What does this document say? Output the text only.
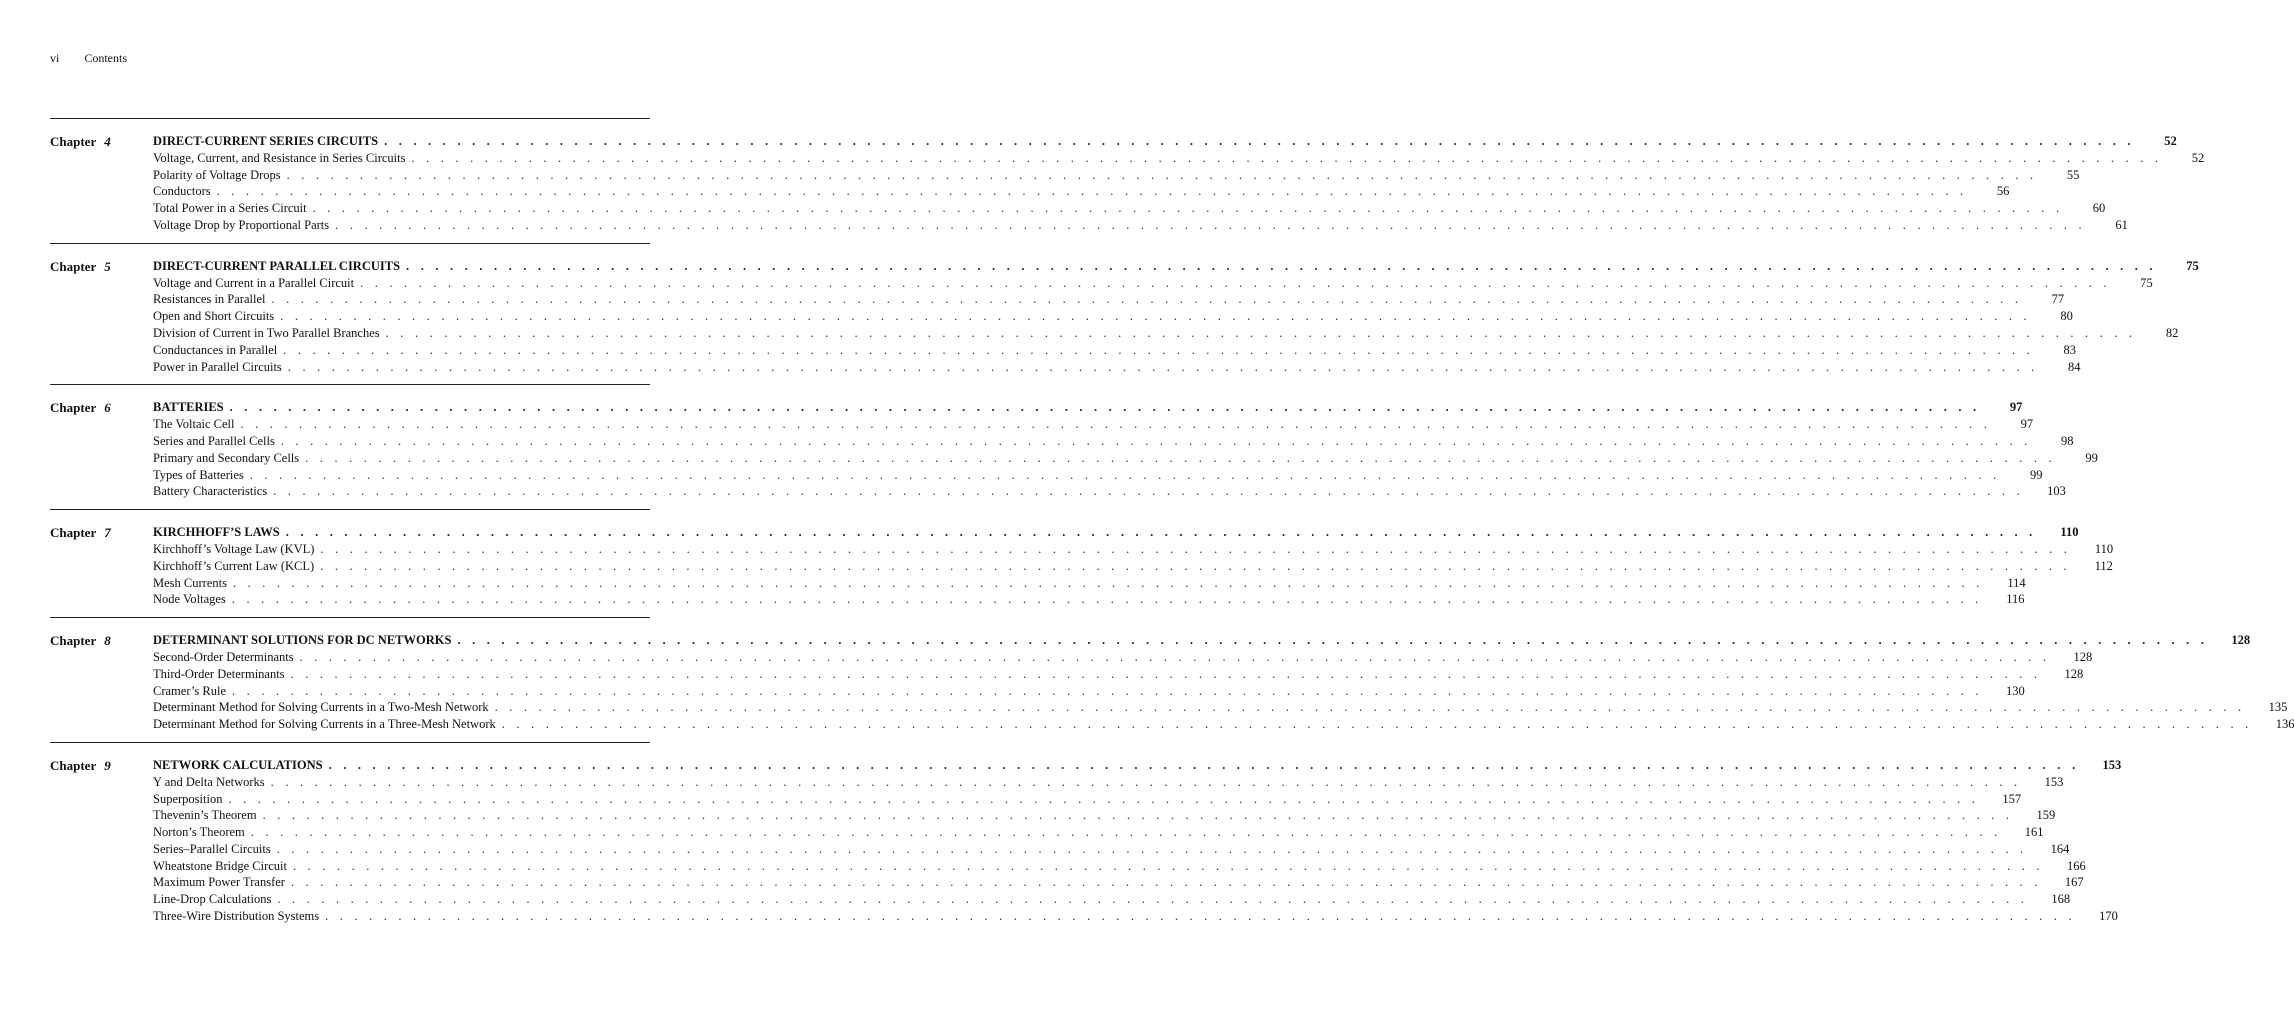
vi Contents
Chapter 4	DIRECT-CURRENT SERIES CIRCUITS . . . . . . . . . . . . . . . . . . . . . . . . . . . . . . . . . . . . . . . . . . . . . . . . . . . . . . . . . . . . . . . . . . . . . . . . . . . . . . . . . . . . . . . . . . . . . . . . . . . . . . . . . . . . . . . . . . . . . . . .	52
Voltage, Current, and Resistance in Series Circuits . . . . . . . . . . . . . . . . . . . . . . . . . . . . . . . . . . . . . . . . . . . . . . . . . . . . . . . . . . . . . . . . . . . . . . . . . . . . . . . . . . . . . . . . . . . . . . . . . . . . . . . . . . . . . . . . . . . . . . . .	52
Polarity of Voltage Drops . . . . . . . . . . . . . . . . . . . . . . . . . . . . . . . . . . . . . . . . . . . . . . . . . . . . . . . . . . . . . . . . . . . . . . . . . . . . . . . . . . . . . . . . . . . . . . . . . . . . . . . . . . . . . . . . . . . . . . . .	55
Conductors . . . . . . . . . . . . . . . . . . . . . . . . . . . . . . . . . . . . . . . . . . . . . . . . . . . . . . . . . . . . . . . . . . . . . . . . . . . . . . . . . . . . . . . . . . . . . . . . . . . . . . . . . . . . . . . . . . . . . . . .	56
Total Power in a Series Circuit . . . . . . . . . . . . . . . . . . . . . . . . . . . . . . . . . . . . . . . . . . . . . . . . . . . . . . . . . . . . . . . . . . . . . . . . . . . . . . . . . . . . . . . . . . . . . . . . . . . . . . . . . . . . . . . . . . . . . . . .	60
Voltage Drop by Proportional Parts . . . . . . . . . . . . . . . . . . . . . . . . . . . . . . . . . . . . . . . . . . . . . . . . . . . . . . . . . . . . . . . . . . . . . . . . . . . . . . . . . . . . . . . . . . . . . . . . . . . . . . . . . . . . . . . . . . . . . . . .	61
Chapter 5	DIRECT-CURRENT PARALLEL CIRCUITS . . . . . . . . . . . . . . . . . . . . . . . . . . . . . . . . . . . . . . . . . . . . . . . . . . . . . . . . . . . . . . . . . . . . . . . . . . . . . . . . . . . . . . . . . . . . . . . . . . . . . . . . . . . . . . . . . . . . . . . .	75
Voltage and Current in a Parallel Circuit . . . . . . . . . . . . . . . . . . . . . . . . . . . . . . . . . . . . . . . . . . . . . . . . . . . . . . . . . . . . . . . . . . . . . . . . . . . . . . . . . . . . . . . . . . . . . . . . . . . . . . . . . . . . . . . . . . . . . . . .	75
Resistances in Parallel . . . . . . . . . . . . . . . . . . . . . . . . . . . . . . . . . . . . . . . . . . . . . . . . . . . . . . . . . . . . . . . . . . . . . . . . . . . . . . . . . . . . . . . . . . . . . . . . . . . . . . . . . . . . . . . . . . . . . . . .	77
Open and Short Circuits . . . . . . . . . . . . . . . . . . . . . . . . . . . . . . . . . . . . . . . . . . . . . . . . . . . . . . . . . . . . . . . . . . . . . . . . . . . . . . . . . . . . . . . . . . . . . . . . . . . . . . . . . . . . . . . . . . . . . . . .	80
Division of Current in Two Parallel Branches . . . . . . . . . . . . . . . . . . . . . . . . . . . . . . . . . . . . . . . . . . . . . . . . . . . . . . . . . . . . . . . . . . . . . . . . . . . . . . . . . . . . . . . . . . . . . . . . . . . . . . . . . . . . . . . . . . . . . . . .	82
Conductances in Parallel . . . . . . . . . . . . . . . . . . . . . . . . . . . . . . . . . . . . . . . . . . . . . . . . . . . . . . . . . . . . . . . . . . . . . . . . . . . . . . . . . . . . . . . . . . . . . . . . . . . . . . . . . . . . . . . . . . . . . . . .	83
Power in Parallel Circuits . . . . . . . . . . . . . . . . . . . . . . . . . . . . . . . . . . . . . . . . . . . . . . . . . . . . . . . . . . . . . . . . . . . . . . . . . . . . . . . . . . . . . . . . . . . . . . . . . . . . . . . . . . . . . . . . . . . . . . . .	84
Chapter 6	BATTERIES . . . . . . . . . . . . . . . . . . . . . . . . . . . . . . . . . . . . . . . . . . . . . . . . . . . . . . . . . . . . . . . . . . . . . . . . . . . . . . . . . . . . . . . . . . . . . . . . . . . . . . . . . . . . . . . . . . . . . . . .	97
The Voltaic Cell . . . . . . . . . . . . . . . . . . . . . . . . . . . . . . . . . . . . . . . . . . . . . . . . . . . . . . . . . . . . . . . . . . . . . . . . . . . . . . . . . . . . . . . . . . . . . . . . . . . . . . . . . . . . . . . . . . . . . . . .	97
Series and Parallel Cells . . . . . . . . . . . . . . . . . . . . . . . . . . . . . . . . . . . . . . . . . . . . . . . . . . . . . . . . . . . . . . . . . . . . . . . . . . . . . . . . . . . . . . . . . . . . . . . . . . . . . . . . . . . . . . . . . . . . . . . .	98
Primary and Secondary Cells . . . . . . . . . . . . . . . . . . . . . . . . . . . . . . . . . . . . . . . . . . . . . . . . . . . . . . . . . . . . . . . . . . . . . . . . . . . . . . . . . . . . . . . . . . . . . . . . . . . . . . . . . . . . . . . . . . . . . . . .	99
Types of Batteries . . . . . . . . . . . . . . . . . . . . . . . . . . . . . . . . . . . . . . . . . . . . . . . . . . . . . . . . . . . . . . . . . . . . . . . . . . . . . . . . . . . . . . . . . . . . . . . . . . . . . . . . . . . . . . . . . . . . . . . .	99
Battery Characteristics . . . . . . . . . . . . . . . . . . . . . . . . . . . . . . . . . . . . . . . . . . . . . . . . . . . . . . . . . . . . . . . . . . . . . . . . . . . . . . . . . . . . . . . . . . . . . . . . . . . . . . . . . . . . . . . . . . . . . . . .	103
Chapter 7	KIRCHHOFF’S LAWS . . . . . . . . . . . . . . . . . . . . . . . . . . . . . . . . . . . . . . . . . . . . . . . . . . . . . . . . . . . . . . . . . . . . . . . . . . . . . . . . . . . . . . . . . . . . . . . . . . . . . . . . . . . . . . . . . . . . . . . .	110
Kirchhoff’s Voltage Law (KVL) . . . . . . . . . . . . . . . . . . . . . . . . . . . . . . . . . . . . . . . . . . . . . . . . . . . . . . . . . . . . . . . . . . . . . . . . . . . . . . . . . . . . . . . . . . . . . . . . . . . . . . . . . . . . . . . . . . . . . . . .	110
Kirchhoff’s Current Law (KCL) . . . . . . . . . . . . . . . . . . . . . . . . . . . . . . . . . . . . . . . . . . . . . . . . . . . . . . . . . . . . . . . . . . . . . . . . . . . . . . . . . . . . . . . . . . . . . . . . . . . . . . . . . . . . . . . . . . . . . . . .	112
Mesh Currents . . . . . . . . . . . . . . . . . . . . . . . . . . . . . . . . . . . . . . . . . . . . . . . . . . . . . . . . . . . . . . . . . . . . . . . . . . . . . . . . . . . . . . . . . . . . . . . . . . . . . . . . . . . . . . . . . . . . . . . .	114
Node Voltages . . . . . . . . . . . . . . . . . . . . . . . . . . . . . . . . . . . . . . . . . . . . . . . . . . . . . . . . . . . . . . . . . . . . . . . . . . . . . . . . . . . . . . . . . . . . . . . . . . . . . . . . . . . . . . . . . . . . . . . .	116
Chapter 8	DETERMINANT SOLUTIONS FOR DC NETWORKS . . . . . . . . . . . . . . . . . . . . . . . . . . . . . . . . . . . . . . . . . . . . . . . . . . . . . . . . . . . . . . . . . . . . . . . . . . . . . . . . . . . . . . . . . . . . . . . . . . . . . . . . . . . . . . . . . . . . . . . .	128
Second-Order Determinants . . . . . . . . . . . . . . . . . . . . . . . . . . . . . . . . . . . . . . . . . . . . . . . . . . . . . . . . . . . . . . . . . . . . . . . . . . . . . . . . . . . . . . . . . . . . . . . . . . . . . . . . . . . . . . . . . . . . . . . .	128
Third-Order Determinants . . . . . . . . . . . . . . . . . . . . . . . . . . . . . . . . . . . . . . . . . . . . . . . . . . . . . . . . . . . . . . . . . . . . . . . . . . . . . . . . . . . . . . . . . . . . . . . . . . . . . . . . . . . . . . . . . . . . . . . .	128
Cramer’s Rule . . . . . . . . . . . . . . . . . . . . . . . . . . . . . . . . . . . . . . . . . . . . . . . . . . . . . . . . . . . . . . . . . . . . . . . . . . . . . . . . . . . . . . . . . . . . . . . . . . . . . . . . . . . . . . . . . . . . . . . .	130
Determinant Method for Solving Currents in a Two-Mesh Network . . . . . . . . . . . . . . . . . . . . . . . . . . . . . . . . . . . . . . . . . . . . . . . . . . . . . . . . . . . . . . . . . . . . . . . . . . . . . . . . . . . . . . . . . . . . . . . . . . . . . . . . . . . . . . . . . . . . . . . .	135
Determinant Method for Solving Currents in a Three-Mesh Network . . . . . . . . . . . . . . . . . . . . . . . . . . . . . . . . . . . . . . . . . . . . . . . . . . . . . . . . . . . . . . . . . . . . . . . . . . . . . . . . . . . . . . . . . . . . . . . . . . . . . . . . . . . . . . . . . . . . . . . .	136
Chapter 9	NETWORK CALCULATIONS . . . . . . . . . . . . . . . . . . . . . . . . . . . . . . . . . . . . . . . . . . . . . . . . . . . . . . . . . . . . . . . . . . . . . . . . . . . . . . . . . . . . . . . . . . . . . . . . . . . . . . . . . . . . . . . . . . . . . . . .	153
Y and Delta Networks . . . . . . . . . . . . . . . . . . . . . . . . . . . . . . . . . . . . . . . . . . . . . . . . . . . . . . . . . . . . . . . . . . . . . . . . . . . . . . . . . . . . . . . . . . . . . . . . . . . . . . . . . . . . . . . . . . . . . . . .	153
Superposition . . . . . . . . . . . . . . . . . . . . . . . . . . . . . . . . . . . . . . . . . . . . . . . . . . . . . . . . . . . . . . . . . . . . . . . . . . . . . . . . . . . . . . . . . . . . . . . . . . . . . . . . . . . . . . . . . . . . . . . .	157
Thevenin’s Theorem . . . . . . . . . . . . . . . . . . . . . . . . . . . . . . . . . . . . . . . . . . . . . . . . . . . . . . . . . . . . . . . . . . . . . . . . . . . . . . . . . . . . . . . . . . . . . . . . . . . . . . . . . . . . . . . . . . . . . . . .	159
Norton’s Theorem . . . . . . . . . . . . . . . . . . . . . . . . . . . . . . . . . . . . . . . . . . . . . . . . . . . . . . . . . . . . . . . . . . . . . . . . . . . . . . . . . . . . . . . . . . . . . . . . . . . . . . . . . . . . . . . . . . . . . . . .	161
Series–Parallel Circuits . . . . . . . . . . . . . . . . . . . . . . . . . . . . . . . . . . . . . . . . . . . . . . . . . . . . . . . . . . . . . . . . . . . . . . . . . . . . . . . . . . . . . . . . . . . . . . . . . . . . . . . . . . . . . . . . . . . . . . . .	164
Wheatstone Bridge Circuit . . . . . . . . . . . . . . . . . . . . . . . . . . . . . . . . . . . . . . . . . . . . . . . . . . . . . . . . . . . . . . . . . . . . . . . . . . . . . . . . . . . . . . . . . . . . . . . . . . . . . . . . . . . . . . . . . . . . . . . .	166
Maximum Power Transfer . . . . . . . . . . . . . . . . . . . . . . . . . . . . . . . . . . . . . . . . . . . . . . . . . . . . . . . . . . . . . . . . . . . . . . . . . . . . . . . . . . . . . . . . . . . . . . . . . . . . . . . . . . . . . . . . . . . . . . . .	167
Line-Drop Calculations . . . . . . . . . . . . . . . . . . . . . . . . . . . . . . . . . . . . . . . . . . . . . . . . . . . . . . . . . . . . . . . . . . . . . . . . . . . . . . . . . . . . . . . . . . . . . . . . . . . . . . . . . . . . . . . . . . . . . . . .	168
Three-Wire Distribution Systems . . . . . . . . . . . . . . . . . . . . . . . . . . . . . . . . . . . . . . . . . . . . . . . . . . . . . . . . . . . . . . . . . . . . . . . . . . . . . . . . . . . . . . . . . . . . . . . . . . . . . . . . . . . . . . . . . . . . . . . .	170
